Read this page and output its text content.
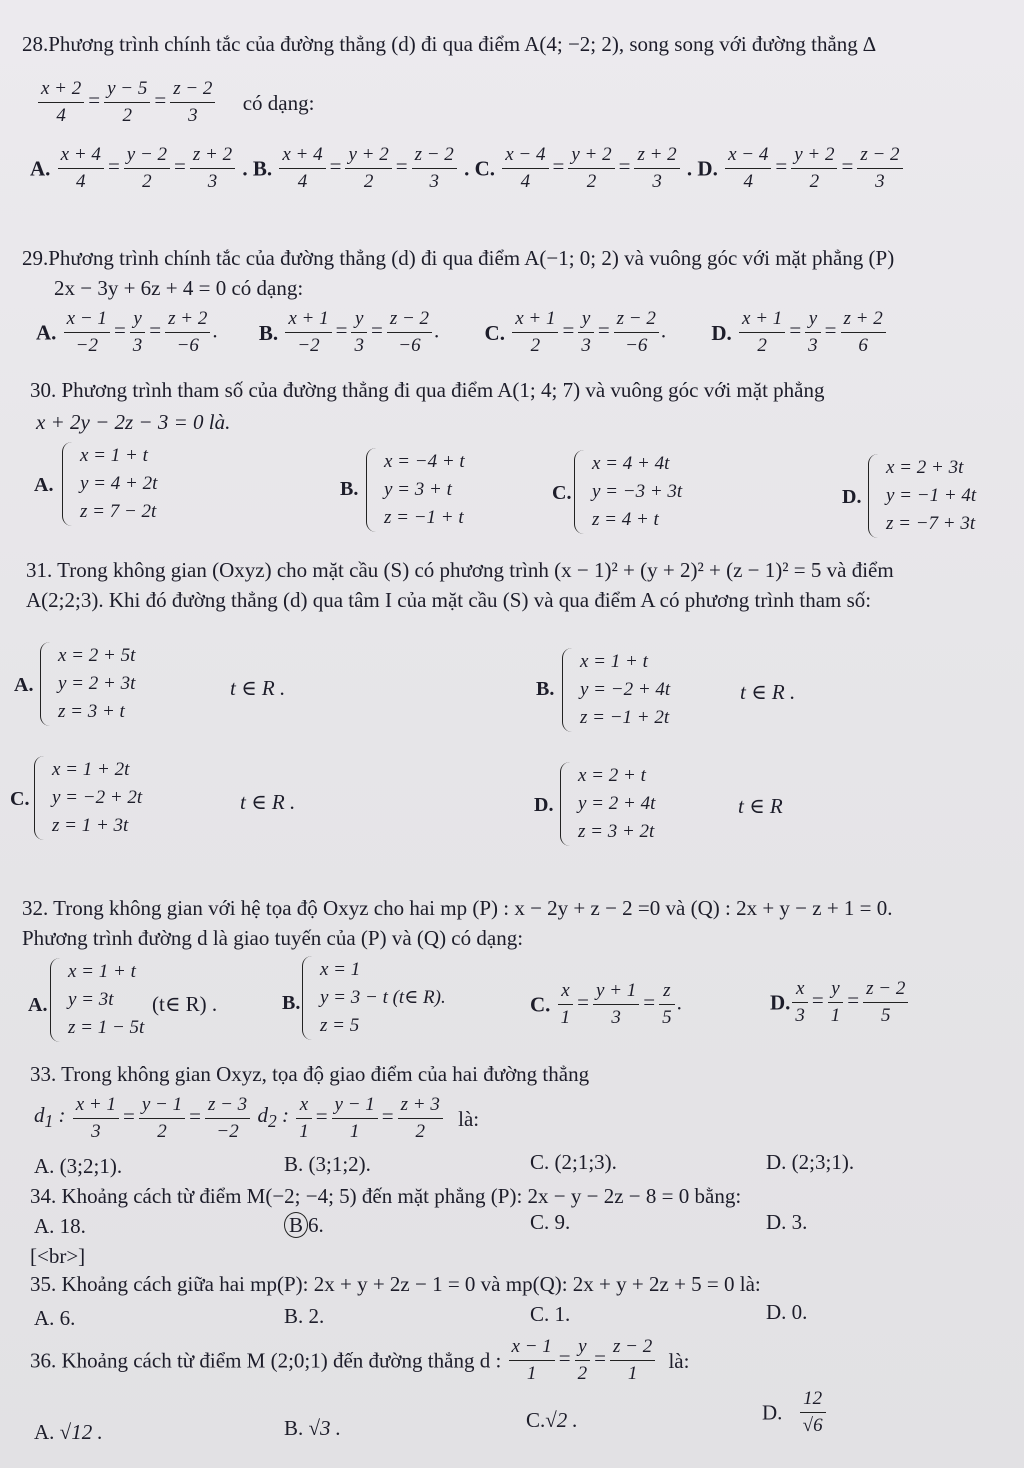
28.Phương trình chính tắc của đường thẳng (d) đi qua điểm A(4; −2; 2), song song với đường thẳng ∆
$\frac{x + 2}{4} = \frac{y - 5}{2} = \frac{z - 2}{3}$ có dạng:
A. $\frac{x + 4}{4} = \frac{y - 2}{2} = \frac{z + 2}{3}$ . B. $\frac{x + 4}{4} = \frac{y + 2}{2} = \frac{z - 2}{3}$ . C. $\frac{x - 4}{4} = \frac{y + 2}{2} = \frac{z + 2}{3}$ . D. $\frac{x - 4}{4} = \frac{y + 2}{2} = \frac{z - 2}{3}$
29.Phương trình chính tắc của đường thẳng (d) đi qua điểm A(−1; 0; 2) và vuông góc với mặt phẳng (P)
2x − 3y + 6z + 4 = 0 có dạng:
A. $\frac{x - 1}{-2} = \frac{y}{3} = \frac{z + 2}{-6}$ . B. $\frac{x + 1}{-2} = \frac{y}{3} = \frac{z - 2}{-6}$ . C. $\frac{x + 1}{2} = \frac{y}{3} = \frac{z - 2}{-6}$ . D. $\frac{x + 1}{2} = \frac{y}{3} = \frac{z + 2}{6}$
30. Phương trình tham số của đường thẳng đi qua điểm A(1; 4; 7) và vuông góc với mặt phẳng
x + 2y − 2z − 3 = 0 là.
A.
x = 1 + t
y = 4 + 2t
z = 7 − 2t
B.
x = −4 + t
y = 3 + t
z = −1 + t
C.
x = 4 + 4t
y = −3 + 3t
z = 4 + t
D.
x = 2 + 3t
y = −1 + 4t
z = −7 + 3t
31. Trong không gian (Oxyz) cho mặt cầu (S) có phương trình (x − 1)² + (y + 2)² + (z − 1)² = 5 và điểm
A(2;2;3). Khi đó đường thẳng (d) qua tâm I của mặt cầu (S) và qua điểm A có phương trình tham số:
A.
x = 2 + 5t
y = 2 + 3t
z = 3 + t
t ∈ R .	B.
x = 1 + t
y = −2 + 4t
z = −1 + 2t
t ∈ R .
C.
x = 1 + 2t
y = −2 + 2t
z = 1 + 3t
t ∈ R .	D.
x = 2 + t
y = 2 + 4t
z = 3 + 2t
t ∈ R
32. Trong không gian với hệ tọa độ Oxyz cho hai mp (P) : x − 2y + z − 2 =0 và (Q) : 2x + y − z + 1 = 0.
Phương trình đường d là giao tuyến của (P) và (Q) có dạng:
A.
x = 1 + t
y = 3t
z = 1 − 5t
(t∈ R) .	B.
x = 1
y = 3 − t (t∈ R).
z = 5
C. $\frac{x}{1} = \frac{y + 1}{3} = \frac{z}{5}$ .	D. $\frac{x}{3} = \frac{y}{1} = \frac{z - 2}{5}$
33. Trong không gian Oxyz, tọa độ giao điểm của hai đường thẳng
$d_1$ : $\frac{x + 1}{3} = \frac{y - 1}{2} = \frac{z - 3}{-2} d_2$ : $\frac{x}{1} = \frac{y - 1}{1} = \frac{z + 3}{2}$ là:
A. (3;2;1).	B. (3;1;2).	C. (2;1;3).	D. (2;3;1).
34. Khoảng cách từ điểm M(−2; −4; 5) đến mặt phẳng (P): 2x − y − 2z − 8 = 0 bằng:
A. 18.	B 6.	C. 9.	D. 3.
[<br>]
35. Khoảng cách giữa hai mp(P): 2x + y + 2z − 1 = 0 và mp(Q): 2x + y + 2z + 5 = 0 là:
A. 6.	B. 2.	C. 1.	D. 0.
36. Khoảng cách từ điểm M (2;0;1) đến đường thẳng d : $\frac{x - 1}{1} = \frac{y}{2} = \frac{z - 2}{1}$ là:
A. √12 .	B. √3 .	C.√2 .	D. $\frac{12}{√6}$
